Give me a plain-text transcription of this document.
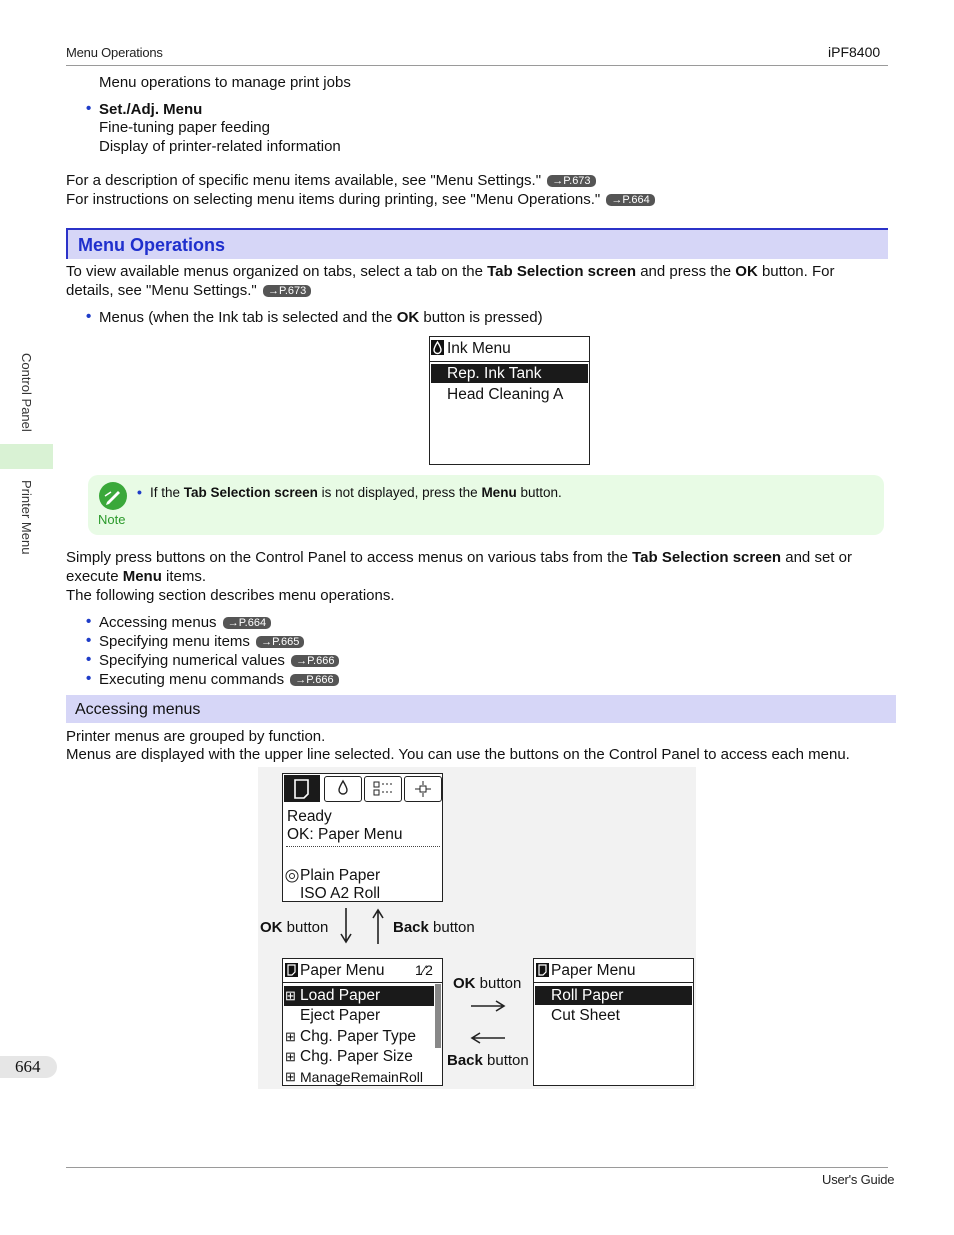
Menu Operations	iPF8400
Menu operations to manage print jobs
• Set./Adj. Menu
Fine-tuning paper feeding
Display of printer-related information
For a description of specific menu items available, see "Menu Settings." →P.673
For instructions on selecting menu items during printing, see "Menu Operations." →P.664
Menu Operations
To view available menus organized on tabs, select a tab on the Tab Selection screen and press the OK button. For
details, see "Menu Settings." →P.673
• Menus (when the Ink tab is selected and the OK button is pressed)
Ink Menu
Rep. Ink Tank
Head Cleaning A
Note
• If the Tab Selection screen is not displayed, press the Menu button.
Simply press buttons on the Control Panel to access menus on various tabs from the Tab Selection screen and set or
execute Menu items.
The following section describes menu operations.
• Accessing menus →P.664
• Specifying menu items →P.665
• Specifying numerical values →P.666
• Executing menu commands →P.666
Accessing menus
Printer menus are grouped by function.
Menus are displayed with the upper line selected. You can use the buttons on the Control Panel to access each menu.
Ready
OK: Paper Menu
Plain Paper
ISO A2 Roll
OK button	Back button
Paper Menu 1⁄2
⊞ Load Paper
Eject Paper
⊞ Chg. Paper Type
⊞ Chg. Paper Size
⊞ ManageRemainRoll
OK button
Back button
Paper Menu
Roll Paper
Cut Sheet
Control Panel
Printer Menu
664
User's Guide
